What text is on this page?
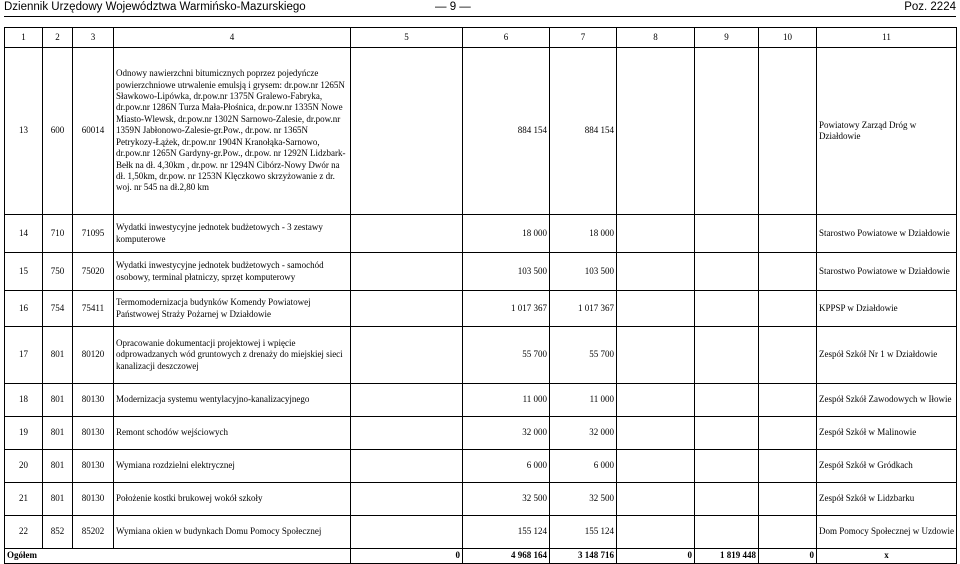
Dziennik Urzędowy Województwa Warmińsko-Mazurskiego	— 9 —	Poz. 2224
1	2	3	4	5	6	7	8	9	10	11
13	600	60014	Odnowy nawierzchni bitumicznych poprzez pojedyńcze powierzchniowe utrwalenie emulsją i grysem: dr.pow.nr 1265N Sławkowo-Lipówka, dr.pow.nr 1375N Gralewo-Fabryka, dr.pow.nr 1286N Turza Mała-Płośnica, dr.pow.nr 1335N Nowe Miasto-Wlewsk, dr.pow.nr 1302N Sarnowo-Zalesie, dr.pow.nr 1359N Jabłonowo-Zalesie-gr.Pow., dr.pow. nr 1365N Petrykozy-Łążek, dr.pow.nr 1904N Kranołąka-Sarnowo, dr.pow.nr 1265N Gardyny-gr.Pow., dr.pow. nr 1292N Lidzbark-Bełk na dł. 4,30km , dr.pow. nr 1294N Cibórz-Nowy Dwór na dł. 1,50km, dr.pow. nr 1253N Klęczkowo skrzyżowanie z dr. woj. nr 545 na dł.2,80 km		884 154	884 154				Powiatowy Zarząd Dróg w Działdowie
14	710	71095	Wydatki inwestycyjne jednotek budżetowych - 3 zestawy komputerowe		18 000	18 000				Starostwo Powiatowe w Działdowie
15	750	75020	Wydatki inwestycyjne jednotek budżetowych - samochód osobowy, terminal płatniczy, sprzęt komputerowy		103 500	103 500				Starostwo Powiatowe w Działdowie
16	754	75411	Termomodernizacja budynków Komendy Powiatowej Państwowej Straży Pożarnej w Działdowie		1 017 367	1 017 367				KPPSP w Działdowie
17	801	80120	Opracowanie dokumentacji projektowej i wpięcie odprowadzanych wód gruntowych z drenaży do miejskiej sieci kanalizacji deszczowej		55 700	55 700				Zespół Szkół Nr 1 w Działdowie
18	801	80130	Modernizacja systemu wentylacyjno-kanalizacyjnego		11 000	11 000				Zespół Szkół Zawodowych w Iłowie
19	801	80130	Remont schodów wejściowych		32 000	32 000				Zespół Szkół w Malinowie
20	801	80130	Wymiana rozdzielni elektrycznej		6 000	6 000				Zespół Szkół w Gródkach
21	801	80130	Położenie kostki brukowej wokół szkoły		32 500	32 500				Zespół Szkół w Lidzbarku
22	852	85202	Wymiana okien w budynkach Domu Pomocy Społecznej		155 124	155 124				Dom Pomocy Społecznej w Uzdowie
Ogółem				0	4 968 164	3 148 716	0	1 819 448	0	x
